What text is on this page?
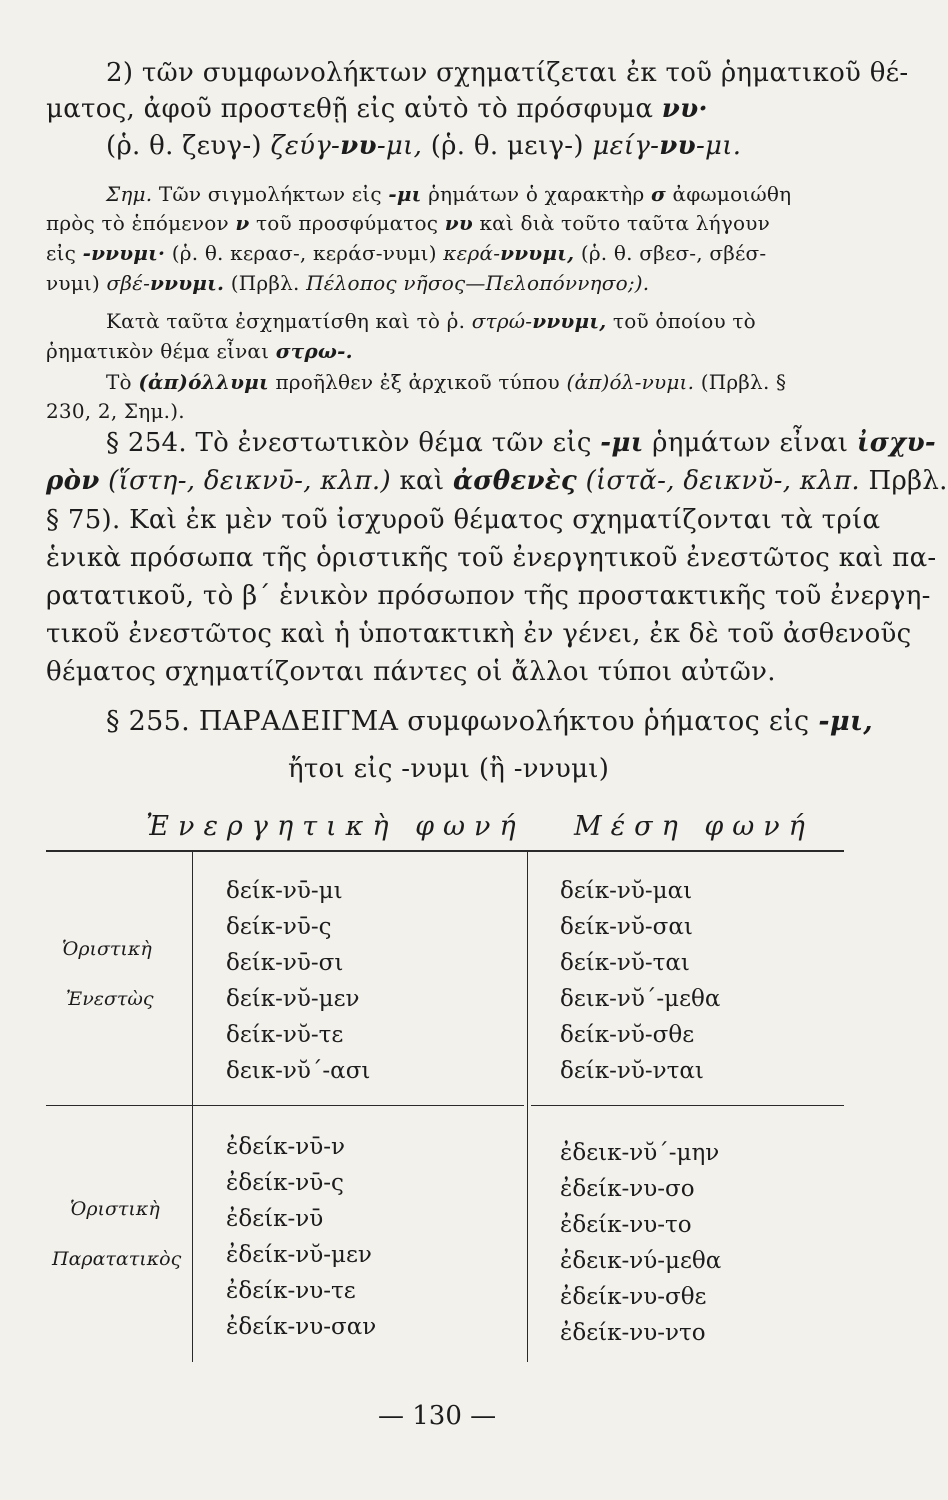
2) τῶν συμφωνολήκτων σχηματίζεται ἐκ τοῦ ῥηματικοῦ θέ-
ματος, ἀφοῦ προστεθῇ εἰς αὐτὸ τὸ πρόσφυμα νυ·
(ῥ. θ. ζευγ-) ζεύγ-νυ-μι, (ῥ. θ. μειγ-) μείγ-νυ-μι.
Σημ. Τῶν σιγμολήκτων εἰς -μι ῥημάτων ὁ χαρακτὴρ σ ἀφωμοιώθη
πρὸς τὸ ἑπόμενον ν τοῦ προσφύματος νυ καὶ διὰ τοῦτο ταῦτα λήγουν
εἰς -ννυμι· (ῥ. θ. κερασ-, κεράσ-νυμι) κερά-ννυμι, (ῥ. θ. σβεσ-, σβέσ-
νυμι) σβέ-ννυμι. (Πρβλ. Πέλοπος νῆσος—Πελοπόννησο;).
Κατὰ ταῦτα ἐσχηματίσθη καὶ τὸ ῥ. στρώ-ννυμι, τοῦ ὁποίου τὸ
ῥηματικὸν θέμα εἶναι στρω-.
Τὸ (ἀπ)όλλυμι προῆλθεν ἐξ ἀρχικοῦ τύπου (ἀπ)όλ-νυμι. (Πρβλ. §
230, 2, Σημ.).
§ 254. Τὸ ἐνεστωτικὸν θέμα τῶν εἰς -μι ῥημάτων εἶναι ἰσχυ-
ρὸν (ἵστη-, δεικνῡ-, κλπ.) καὶ ἀσθενὲς (ἱστᾰ-, δεικνῠ-, κλπ. Πρβλ.
§ 75). Καὶ ἐκ μὲν τοῦ ἰσχυροῦ θέματος σχηματίζονται τὰ τρία
ἑνικὰ πρόσωπα τῆς ὁριστικῆς τοῦ ἐνεργητικοῦ ἐνεστῶτος καὶ πα-
ρατατικοῦ, τὸ β΄ ἑνικὸν πρόσωπον τῆς προστακτικῆς τοῦ ἐνεργη-
τικοῦ ἐνεστῶτος καὶ ἡ ὑποτακτικὴ ἐν γένει, ἐκ δὲ τοῦ ἀσθενοῦς
θέματος σχηματίζονται πάντες οἱ ἄλλοι τύποι αὐτῶν.
§ 255. ΠΑΡΑΔΕΙΓΜΑ συμφωνολήκτου ῥήματος εἰς -μι,
ἤτοι εἰς -νυμι (ἢ -ννυμι)
Ἐνεργητικὴ φωνή Μέση φωνή
Ὁριστικὴ
Ἐνεστὼς
δείκ-νῡ-μι
δείκ-νῡ-ς
δείκ-νῡ-σι
δείκ-νῠ-μεν
δείκ-νῠ-τε
δεικ-νῠ΄-ασι
δείκ-νῠ-μαι
δείκ-νῠ-σαι
δείκ-νῠ-ται
δεικ-νῠ΄-μεθα
δείκ-νῠ-σθε
δείκ-νῠ-νται
Ὁριστικὴ
Παρατατικὸς
ἐδείκ-νῡ-ν
ἐδείκ-νῡ-ς
ἐδείκ-νῡ
ἐδείκ-νῠ-μεν
ἐδείκ-νυ-τε
ἐδείκ-νυ-σαν
ἐδεικ-νῠ΄-μην
ἐδείκ-νυ-σο
ἐδείκ-νυ-το
ἐδεικ-νύ-μεθα
ἐδείκ-νυ-σθε
ἐδείκ-νυ-ντο
— 130 —
